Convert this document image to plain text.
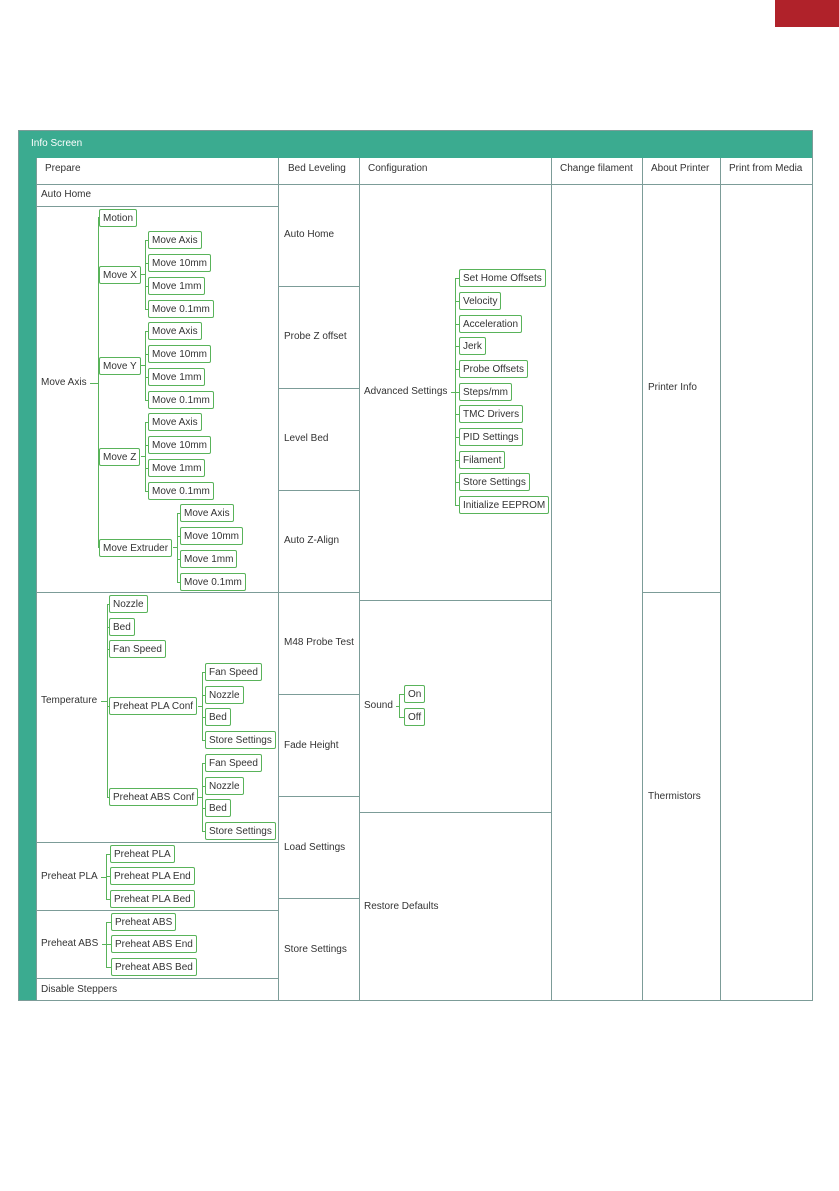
Info Screen
Prepare	Bed Leveling Configuration	Change filament About Printer Print from Media
Auto Home
Move Axis
Motion
Move X
Move Axis
Move 10mm
Move 1mm
Move 0.1mm
Move Y
Move Axis
Move 10mm
Move 1mm
Move 0.1mm
Move Z
Move Axis
Move 10mm
Move 1mm
Move 0.1mm
Move Extruder
Move Axis
Move 10mm
Move 1mm
Move 0.1mm
Temperature
Nozzle
Bed
Fan Speed
Preheat PLA Conf
Fan Speed
Nozzle
Bed
Store Settings
Preheat ABS Conf
Fan Speed
Nozzle
Bed
Store Settings
Preheat PLA
Preheat PLA
Preheat PLA End
Preheat PLA Bed
Preheat ABS
Preheat ABS
Preheat ABS End
Preheat ABS Bed
Disable Steppers
Auto Home
Probe Z offset
Level Bed
Auto Z-Align
M48 Probe Test
Fade Height
Load Settings
Store Settings
Advanced Settings
Set Home Offsets
Velocity
Acceleration
Jerk
Probe Offsets
Steps/mm
TMC Drivers
PID Settings
Filament
Store Settings
Initialize EEPROM
Sound
On
Off
Restore Defaults
Printer Info
Thermistors
